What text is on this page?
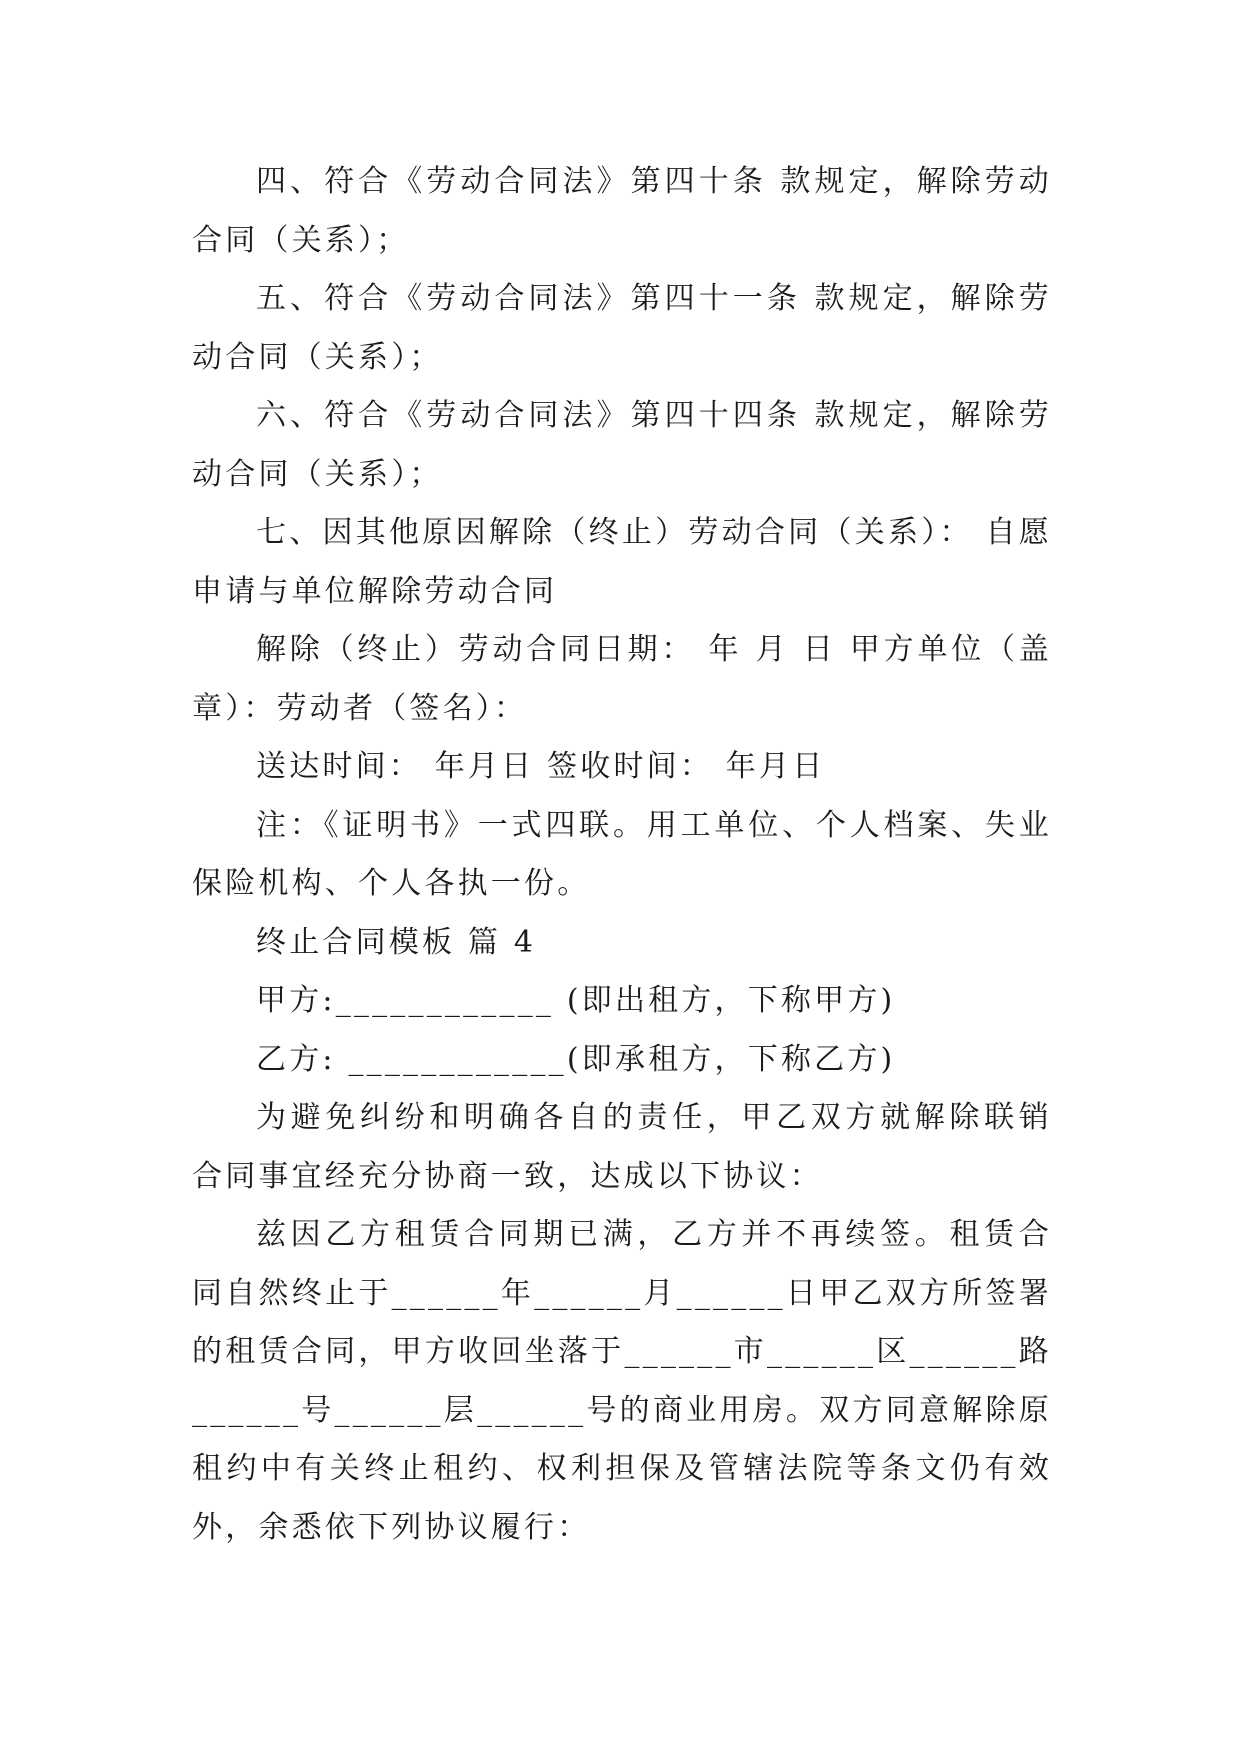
四、符合《劳动合同法》第四十条 款规定，解除劳动合同（关系）；

五、符合《劳动合同法》第四十一条 款规定，解除劳动合同（关系）；

六、符合《劳动合同法》第四十四条 款规定，解除劳动合同（关系）；

七、因其他原因解除（终止）劳动合同（关系）： 自愿申请与单位解除劳动合同

解除（终止）劳动合同日期： 年 月 日 甲方单位（盖章）：劳动者（签名）：

送达时间： 年月日 签收时间： 年月日

注：《证明书》一式四联。用工单位、个人档案、失业保险机构、个人各执一份。

终止合同模板 篇 4

甲方:____________ (即出租方，下称甲方)

乙方: ____________(即承租方，下称乙方)

为避免纠纷和明确各自的责任，甲乙双方就解除联销合同事宜经充分协商一致，达成以下协议：

兹因乙方租赁合同期已满，乙方并不再续签。租赁合同自然终止于______年______月______日甲乙双方所签署的租赁合同，甲方收回坐落于______市______区______路______号______层______号的商业用房。双方同意解除原租约中有关终止租约、权利担保及管辖法院等条文仍有效外，余悉依下列协议履行：
